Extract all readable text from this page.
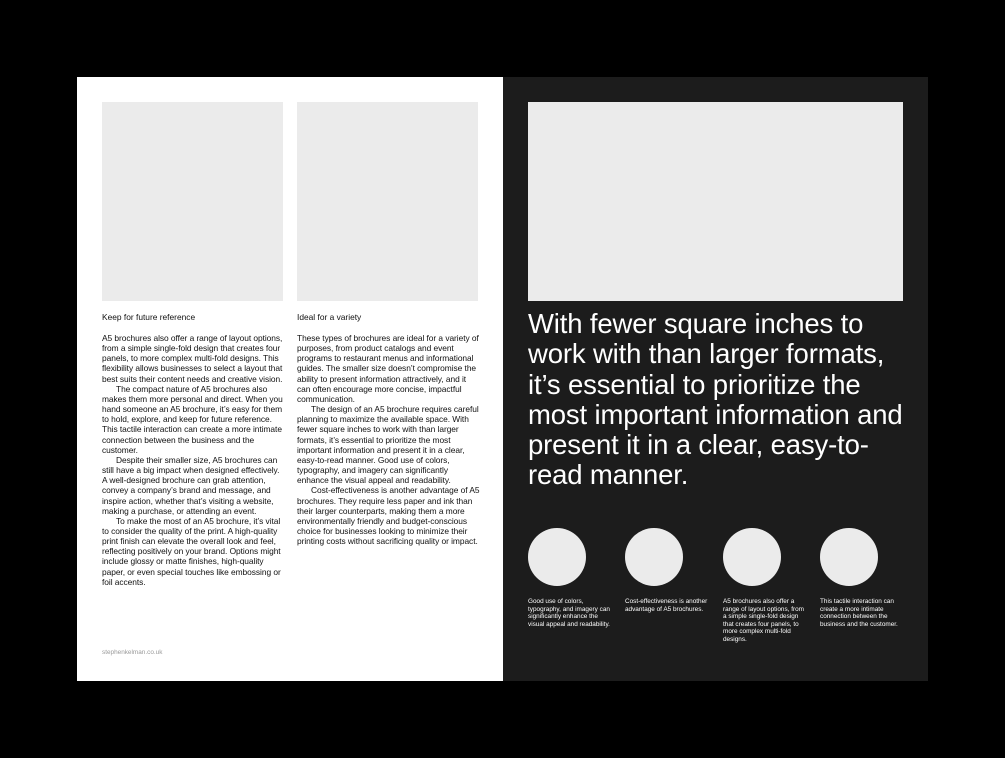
Keep for future reference

A5 brochures also offer a range of layout options, from a simple single-fold design that creates four panels, to more complex multi-fold designs. This flexibility allows businesses to select a layout that best suits their content needs and creative vision.

The compact nature of A5 brochures also makes them more personal and direct. When you hand someone an A5 brochure, it’s easy for them to hold, explore, and keep for future reference. This tactile interaction can create a more intimate connection between the business and the customer.

Despite their smaller size, A5 brochures can still have a big impact when designed effectively. A well-designed brochure can grab attention, convey a company’s brand and message, and inspire action, whether that’s visiting a website, making a purchase, or attending an event.

To make the most of an A5 brochure, it’s vital to consider the quality of the print. A high-quality print finish can elevate the overall look and feel, reflecting positively on your brand. Options might include glossy or matte finishes, high-quality paper, or even special touches like embossing or foil accents.

Ideal for a variety

These types of brochures are ideal for a variety of purposes, from product catalogs and event programs to restaurant menus and informational guides. The smaller size doesn’t compromise the ability to present information attractively, and it can often encourage more concise, impactful communication.

The design of an A5 brochure requires careful planning to maximize the available space. With fewer square inches to work with than larger formats, it’s essential to prioritize the most important information and present it in a clear, easy-to-read manner. Good use of colors, typography, and imagery can significantly enhance the visual appeal and readability.

Cost-effectiveness is another advantage of A5 brochures. They require less paper and ink than their larger counterparts, making them a more environmentally friendly and budget-conscious choice for businesses looking to minimize their printing costs without sacrificing quality or impact.

stephenkelman.co.uk
With fewer square inches to work with than larger formats, it’s essential to prioritize the most important information and present it in a clear, easy-to-read manner.
Good use of colors, typography, and imagery can significantly enhance the visual appeal and readability.
Cost-effectiveness is another advantage of A5 brochures.
A5 brochures also offer a range of layout options, from a simple single-fold design that creates four panels, to more complex multi-fold designs.
This tactile interaction can create a more intimate connection between the business and the customer.
